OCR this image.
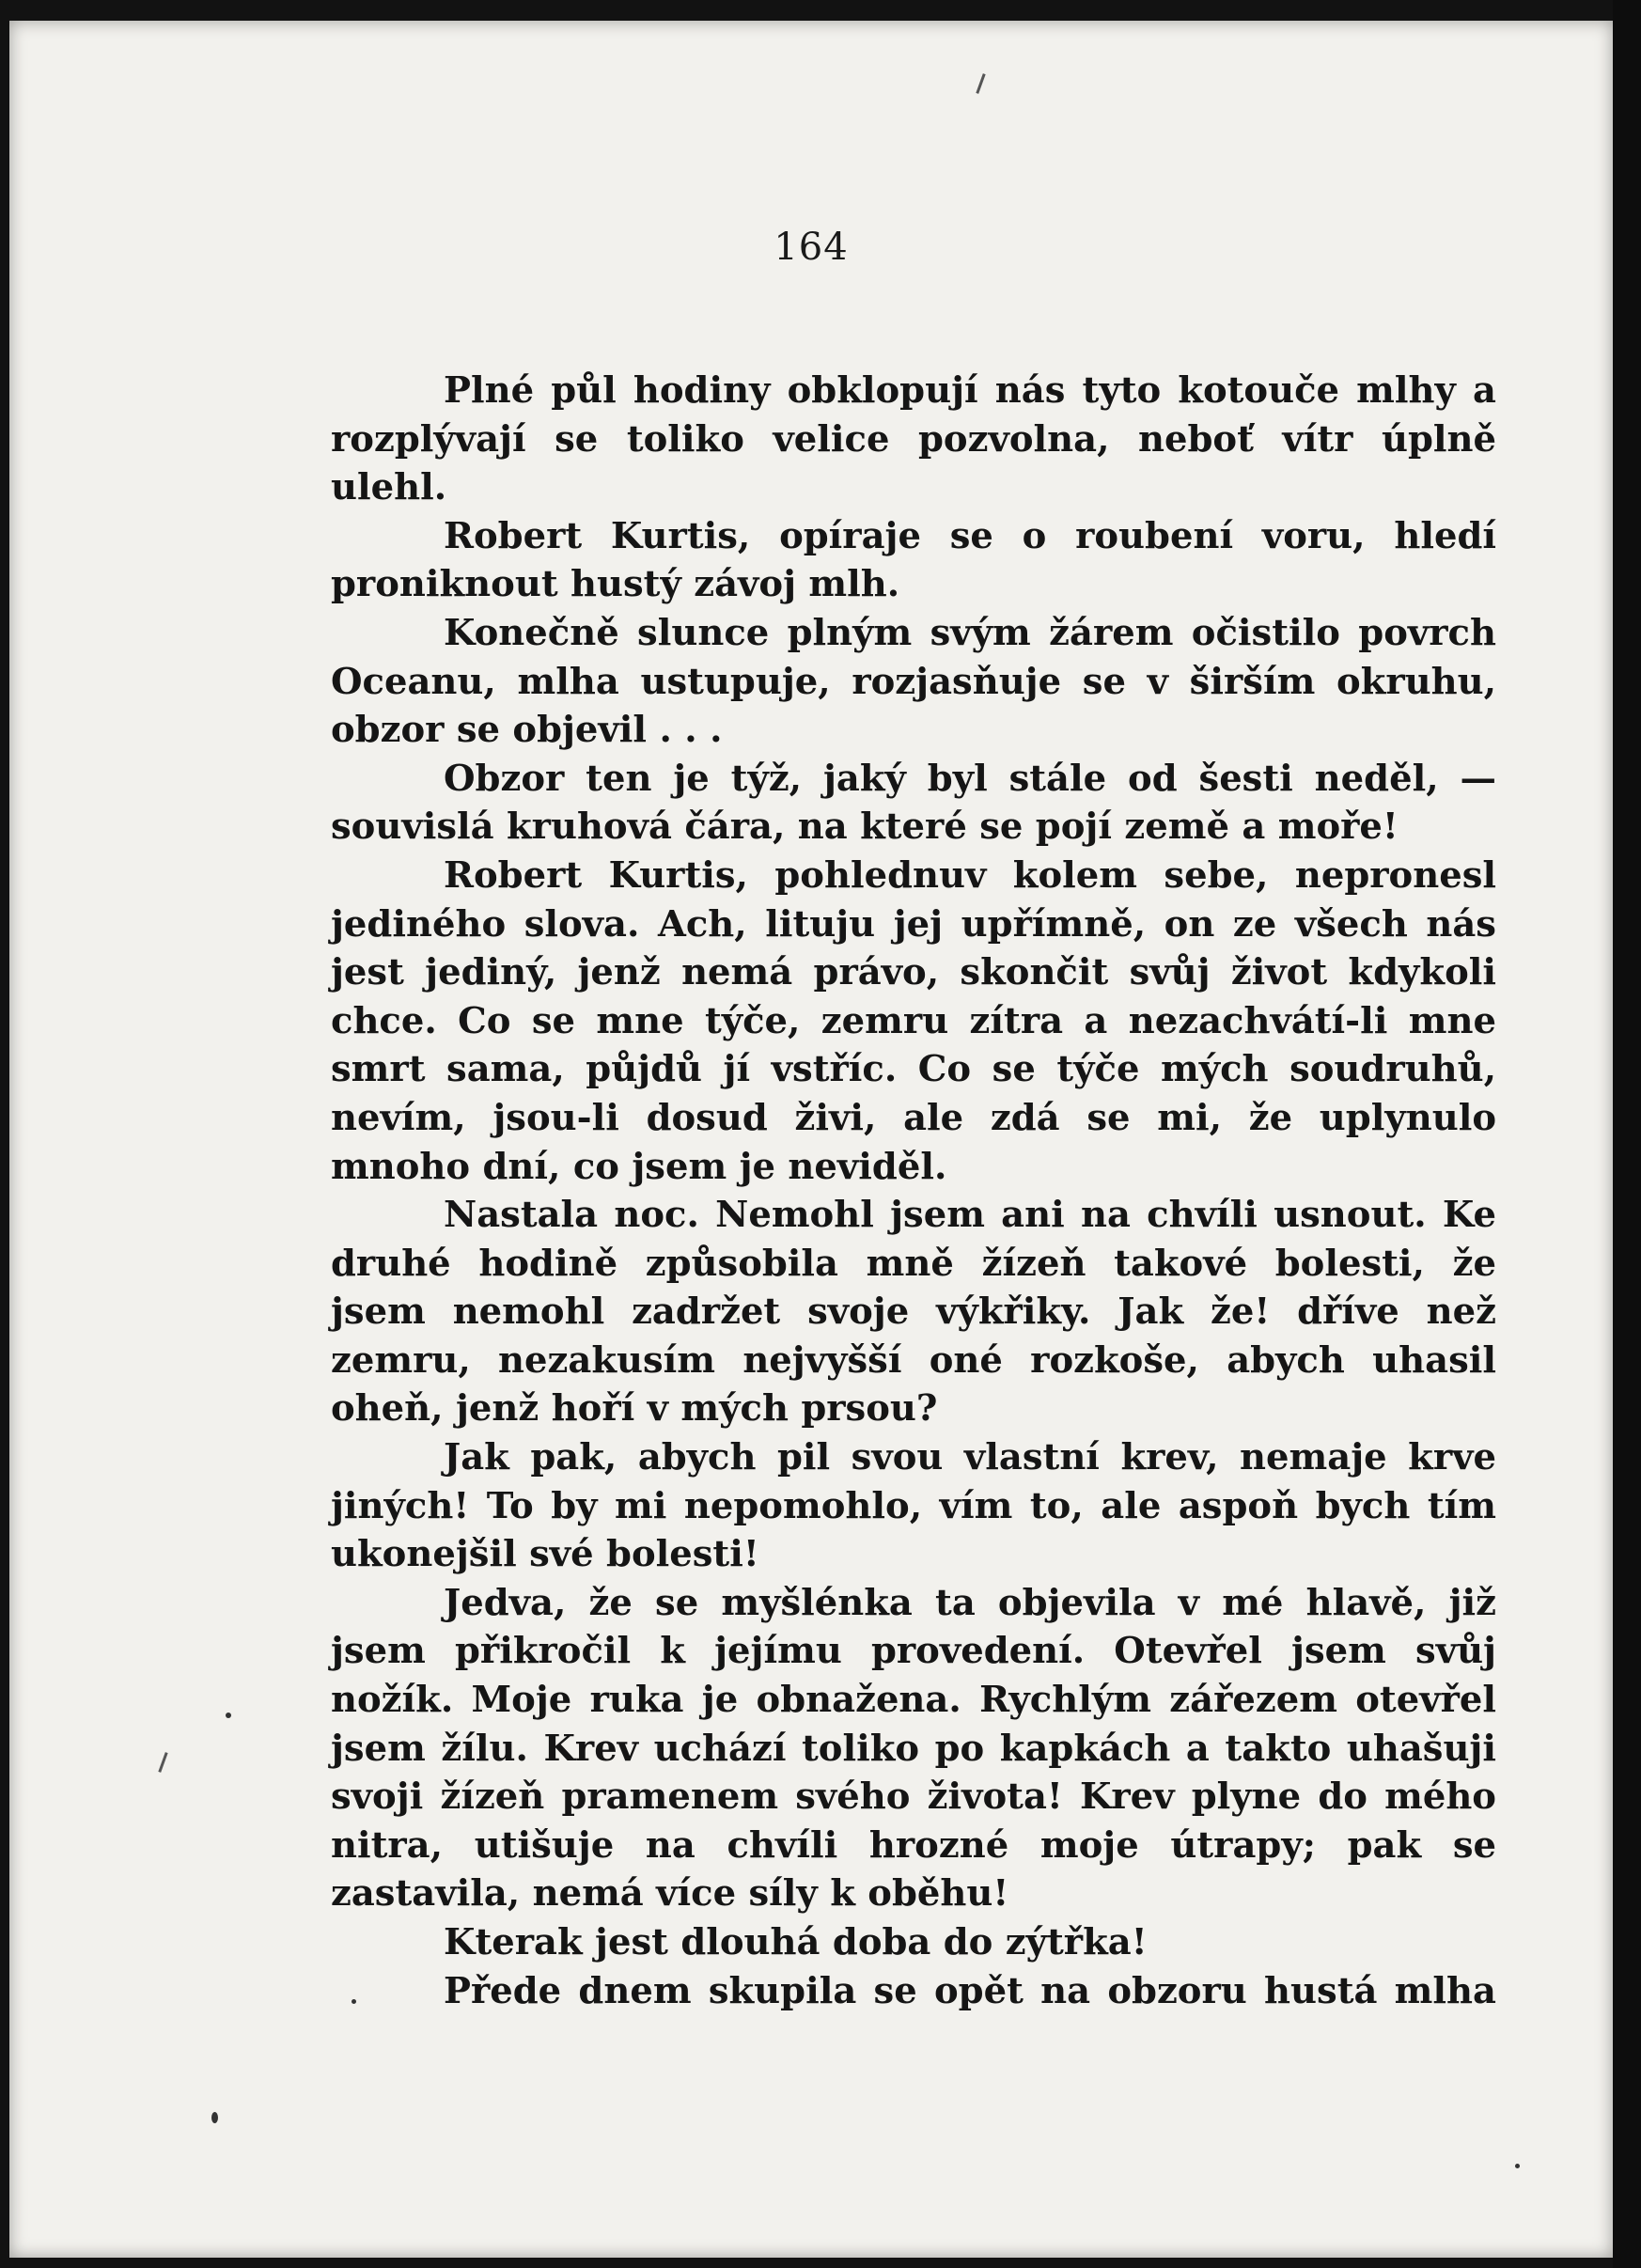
164

Plné půl hodiny obklopují nás tyto kotouče mlhy a rozplývají se toliko velice pozvolna, neboť vítr úplně ulehl.

Robert Kurtis, opíraje se o roubení voru, hledí proniknout hustý závoj mlh.

Konečně slunce plným svým žárem očistilo povrch Oceanu, mlha ustupuje, rozjasňuje se v širším okruhu, obzor se objevil . . .

Obzor ten je týž, jaký byl stále od šesti neděl, — souvislá kruhová čára, na které se pojí země a moře!

Robert Kurtis, pohlednuv kolem sebe, nepronesl jediného slova. Ach, lituju jej upřímně, on ze všech nás jest jediný, jenž nemá právo, skončit svůj život kdykoli chce. Co se mne týče, zemru zítra a nezachvátí-li mne smrt sama, půjdů jí vstříc. Co se týče mých soudruhů, nevím, jsou-li dosud živi, ale zdá se mi, že uplynulo mnoho dní, co jsem je neviděl.

Nastala noc. Nemohl jsem ani na chvíli usnout. Ke druhé hodině způsobila mně žízeň takové bolesti, že jsem nemohl zadržet svoje výkřiky. Jak že! dříve než zemru, nezakusím nejvyšší oné rozkoše, abych uhasil oheň, jenž hoří v mých prsou?

Jak pak, abych pil svou vlastní krev, nemaje krve jiných! To by mi nepomohlo, vím to, ale aspoň bych tím ukonejšil své bolesti!

Jedva, že se myšlénka ta objevila v mé hlavě, již jsem přikročil k jejímu provedení. Otevřel jsem svůj nožík. Moje ruka je obnažena. Rychlým zářezem otevřel jsem žílu. Krev uchází toliko po kapkách a takto uhašuji svoji žízeň pramenem svého života! Krev plyne do mého nitra, utišuje na chvíli hrozné moje útrapy; pak se zastavila, nemá více síly k oběhu!

Kterak jest dlouhá doba do zýtřka!

Přede dnem skupila se opět na obzoru hustá mlha
